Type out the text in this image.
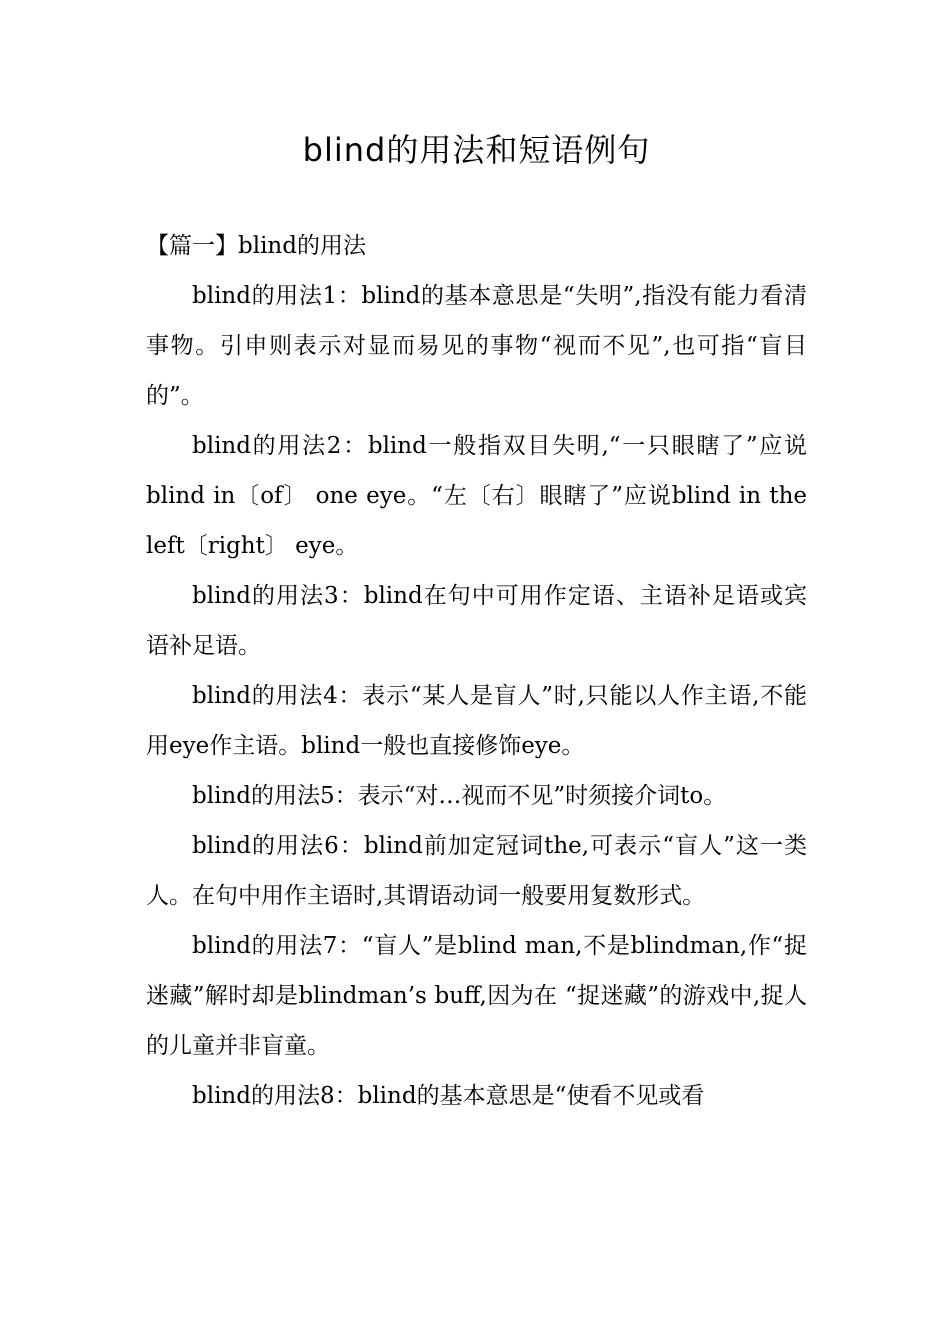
blind的用法和短语例句

【篇一】blind的用法

blind的用法1：blind的基本意思是“失明”,指没有能力看清事物。引申则表示对显而易见的事物“视而不见”,也可指“盲目的”。

blind的用法2：blind一般指双目失明,“一只眼瞎了”应说blind in〔of〕 one eye。“左〔右〕眼瞎了”应说blind in the left〔right〕 eye。

blind的用法3：blind在句中可用作定语、主语补足语或宾语补足语。

blind的用法4：表示“某人是盲人”时,只能以人作主语,不能用eye作主语。blind一般也直接修饰eye。

blind的用法5：表示“对…视而不见”时须接介词to。

blind的用法6：blind前加定冠词the,可表示“盲人”这一类人。在句中用作主语时,其谓语动词一般要用复数形式。

blind的用法7：“盲人”是blind man,不是blindman,作“捉迷藏”解时却是blindman’s buff,因为在 “捉迷藏”的游戏中,捉人的儿童并非盲童。

blind的用法8：blind的基本意思是“使看不见或看
